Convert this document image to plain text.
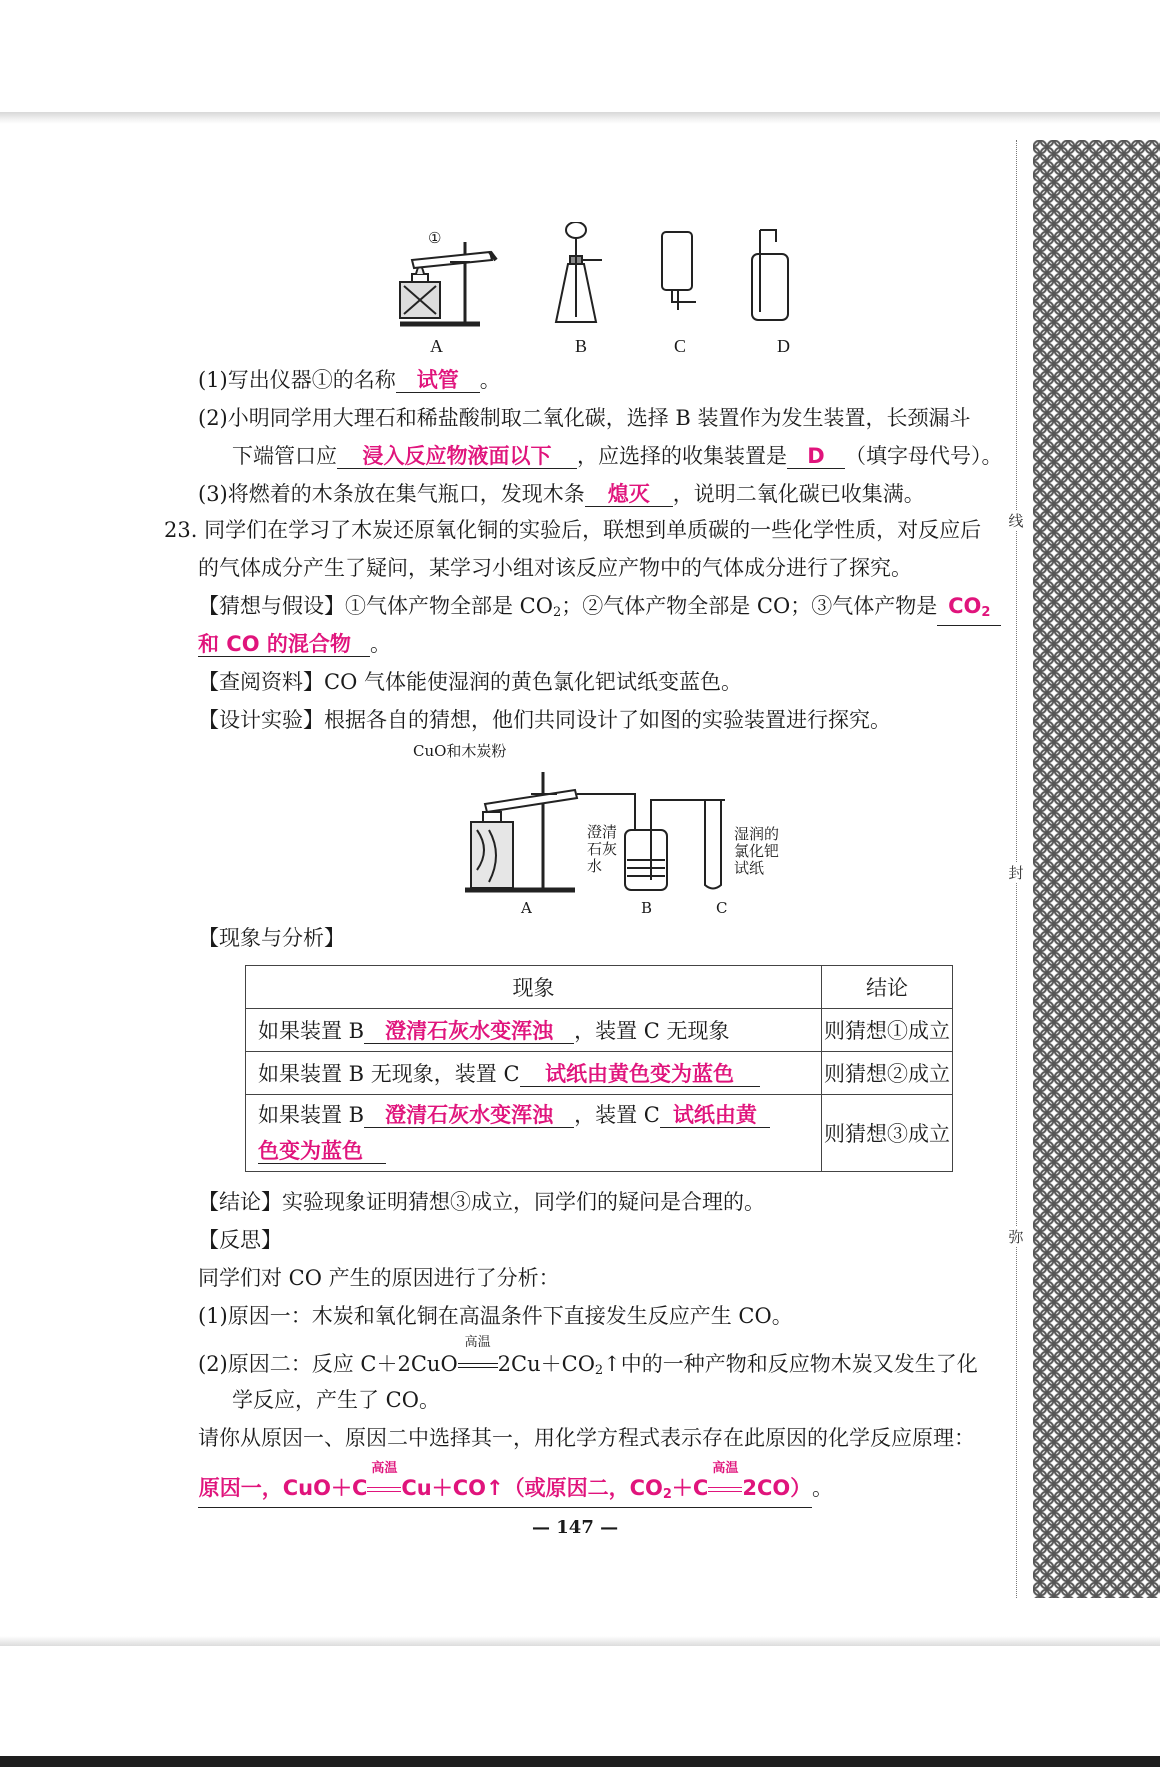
线
封
弥
①
A	B	C	D
(1)写出仪器①的名称 试管 。
(2)小明同学用大理石和稀盐酸制取二氧化碳，选择 B 装置作为发生装置，长颈漏斗
下端管口应 浸入反应物液面以下 ，应选择的收集装置是 D （填字母代号）。
(3)将燃着的木条放在集气瓶口，发现木条 熄灭 ，说明二氧化碳已收集满。
23. 同学们在学习了木炭还原氧化铜的实验后，联想到单质碳的一些化学性质，对反应后
的气体成分产生了疑问，某学习小组对该反应产物中的气体成分进行了探究。
【猜想与假设】①气体产物全部是 $CO_2$；②气体产物全部是 CO；③气体产物是 $CO_2$
和 CO 的混合物 。
【查阅资料】CO 气体能使湿润的黄色氯化钯试纸变蓝色。
【设计实验】根据各自的猜想，他们共同设计了如图的实验装置进行探究。
CuO和木炭粉
澄清
石灰
水
湿润的
氯化钯
试纸
A	B	C
【现象与分析】
现象	结论
如果装置 B 澄清石灰水变浑浊 ，装置 C 无现象	则猜想①成立
如果装置 B 无现象，装置 C 试纸由黄色变为蓝色	则猜想②成立
如果装置 B 澄清石灰水变浑浊 ，装置 C 试纸由黄
色变为蓝色	则猜想③成立
【结论】实验现象证明猜想③成立，同学们的疑问是合理的。
【反思】
同学们对 CO 产生的原因进行了分析：
(1)原因一：木炭和氧化铜在高温条件下直接发生反应产生 CO。
(2)原因二：反应 C＋2CuO
高温
$2Cu+CO_2↑$中的一种产物和反应物木炭又发生了化
学反应，产生了 CO。
请你从原因一、原因二中选择其一，用化学方程式表示存在此原因的化学反应原理：
原因一，CuO＋C
高温
Cu＋CO↑（或原因二，$CO_2+C$
高温
2CO）。
— 147 —
